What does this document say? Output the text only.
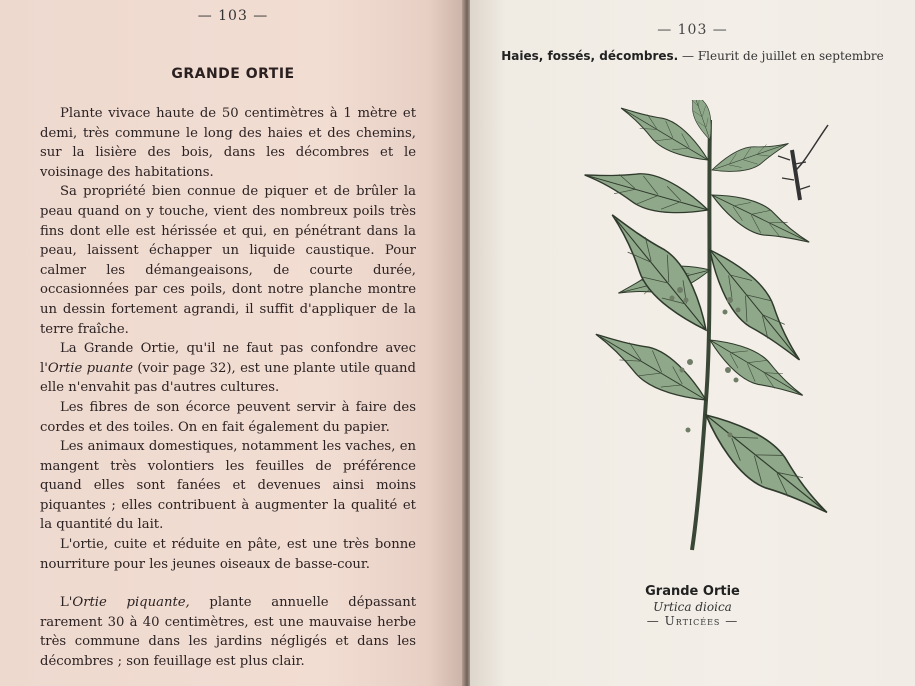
— 103 —
GRANDE ORTIE

Plante vivace haute de 50 centimètres à 1 mètre et demi, très commune le long des haies et des chemins, sur la lisière des bois, dans les décombres et le voisinage des habitations.

Sa propriété bien connue de piquer et de brûler la peau quand on y touche, vient des nombreux poils très fins dont elle est hérissée et qui, en pénétrant dans la peau, laissent échapper un liquide caustique. Pour calmer les démangeaisons, de courte durée, occasionnées par ces poils, dont notre planche montre un dessin fortement agrandi, il suffit d'appliquer de la terre fraîche.

La Grande Ortie, qu'il ne faut pas confondre avec l'Ortie puante (voir page 32), est une plante utile quand elle n'envahit pas d'autres cultures.

Les fibres de son écorce peuvent servir à faire des cordes et des toiles. On en fait également du papier.

Les animaux domestiques, notamment les vaches, en mangent très volontiers les feuilles de préférence quand elles sont fanées et devenues ainsi moins piquantes ; elles contribuent à augmenter la qualité et la quantité du lait.

L'ortie, cuite et réduite en pâte, est une très bonne nourriture pour les jeunes oiseaux de basse-cour.

L'Ortie piquante, plante annuelle dépassant rarement 30 à 40 centimètres, est une mauvaise herbe très commune dans les jardins négligés et dans les décombres ; son feuillage est plus clair.

— 103 —
Haies, fossés, décombres. — Fleurit de juillet en septembre
Grande Ortie
Urtica dioica
— Urticées —
